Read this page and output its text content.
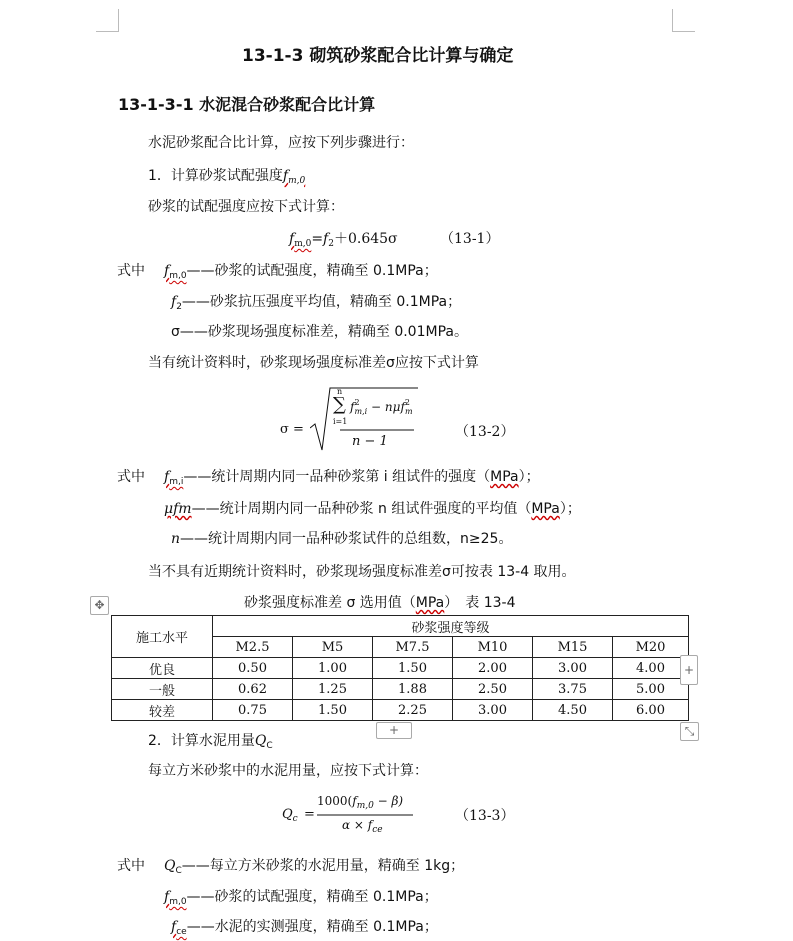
13-1-3 砌筑砂浆配合比计算与确定
13-1-3-1 水泥混合砂浆配合比计算
水泥砂浆配合比计算，应按下列步骤进行：
1．计算砂浆试配强度$f_{m,0}$
砂浆的试配强度应按下式计算：
$f_{m,0}=f_2+0.645\sigma$	（13-1）
式中 $f_{m,0}——$砂浆的试配强度，精确至 0.1MPa；
$f_2——$砂浆抗压强度平均值，精确至 0.1MPa；
σ——砂浆现场强度标准差，精确至 0.01MPa。
当有统计资料时，砂浆现场强度标准差σ应按下式计算
σ =
n
∑
i=1
$f^2_{m,i} - n\mu f^2_m$
n − 1
（13-2）
式中 $f_{m,i}——$统计周期内同一品种砂浆第 i 组试件的强度（MPa）；
μfm——统计周期内同一品种砂浆 n 组试件强度的平均值（MPa）；
n——统计周期内同一品种砂浆试件的总组数，n≥25。
当不具有近期统计资料时，砂浆现场强度标准差σ可按表 13-4 取用。
砂浆强度标准差 σ 选用值（MPa）　表 13-4
✥
施工水平	砂浆强度等级					
	M2.5	M5	M7.5	M10	M15	M20
优良	0.50	1.00	1.50	2.00	3.00	4.00
一般	0.62	1.25	1.88	2.50	3.75	5.00
较差	0.75	1.50	2.25	3.00	4.50	6.00
+
+	⤡
2．计算水泥用量$Q_C$
每立方米砂浆中的水泥用量，应按下式计算：
$Q_c$ =
$1000(f_{m,0} - \beta)$
$\alpha \times f_{ce}$
（13-3）
式中 $Q_C——$每立方米砂浆的水泥用量，精确至 1kg；
$f_{m,0}——$砂浆的试配强度，精确至 0.1MPa；
$f_{ce}——$水泥的实测强度，精确至 0.1MPa；
